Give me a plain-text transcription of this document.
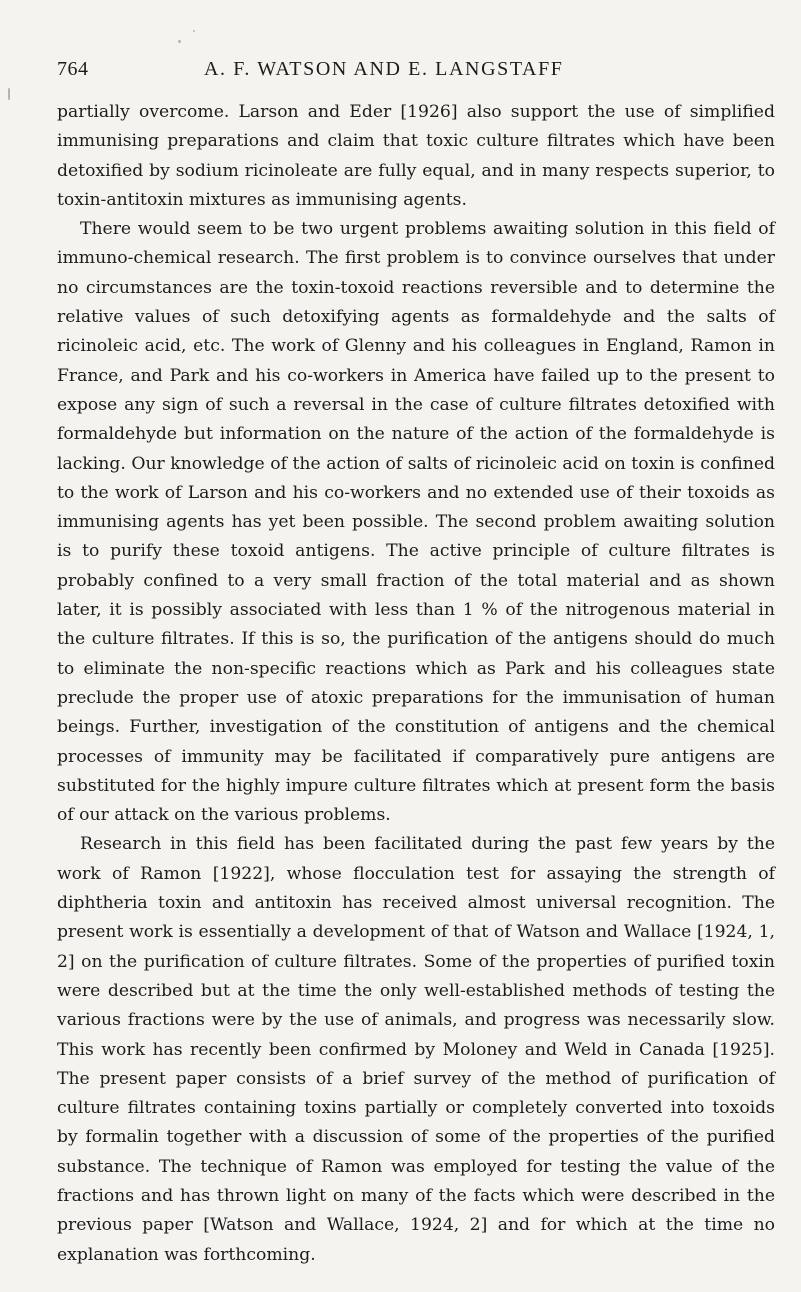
764	A. F. WATSON AND E. LANGSTAFF

partially overcome. Larson and Eder [1926] also support the use of simplified immunising preparations and claim that toxic culture filtrates which have been detoxified by sodium ricinoleate are fully equal, and in many respects superior, to toxin-antitoxin mixtures as immunising agents.

There would seem to be two urgent problems awaiting solution in this field of immuno-chemical research. The first problem is to convince ourselves that under no circumstances are the toxin-toxoid reactions reversible and to determine the relative values of such detoxifying agents as formaldehyde and the salts of ricinoleic acid, etc. The work of Glenny and his colleagues in England, Ramon in France, and Park and his co-workers in America have failed up to the present to expose any sign of such a reversal in the case of culture filtrates detoxified with formaldehyde but information on the nature of the action of the formaldehyde is lacking. Our knowledge of the action of salts of ricinoleic acid on toxin is confined to the work of Larson and his co-workers and no extended use of their toxoids as immunising agents has yet been possible. The second problem awaiting solution is to purify these toxoid antigens. The active principle of culture filtrates is probably confined to a very small fraction of the total material and as shown later, it is possibly associated with less than 1 % of the nitrogenous material in the culture filtrates. If this is so, the purification of the antigens should do much to eliminate the non-specific reactions which as Park and his colleagues state preclude the proper use of atoxic preparations for the immunisation of human beings. Further, investigation of the constitution of antigens and the chemical processes of immunity may be facilitated if comparatively pure antigens are substituted for the highly impure culture filtrates which at present form the basis of our attack on the various problems.

Research in this field has been facilitated during the past few years by the work of Ramon [1922], whose flocculation test for assaying the strength of diphtheria toxin and antitoxin has received almost universal recognition. The present work is essentially a development of that of Watson and Wallace [1924, 1, 2] on the purification of culture filtrates. Some of the properties of purified toxin were described but at the time the only well-established methods of testing the various fractions were by the use of animals, and progress was necessarily slow. This work has recently been confirmed by Moloney and Weld in Canada [1925]. The present paper consists of a brief survey of the method of purification of culture filtrates containing toxins partially or completely converted into toxoids by formalin together with a discussion of some of the properties of the purified substance. The technique of Ramon was employed for testing the value of the fractions and has thrown light on many of the facts which were described in the previous paper [Watson and Wallace, 1924, 2] and for which at the time no explanation was forthcoming.
